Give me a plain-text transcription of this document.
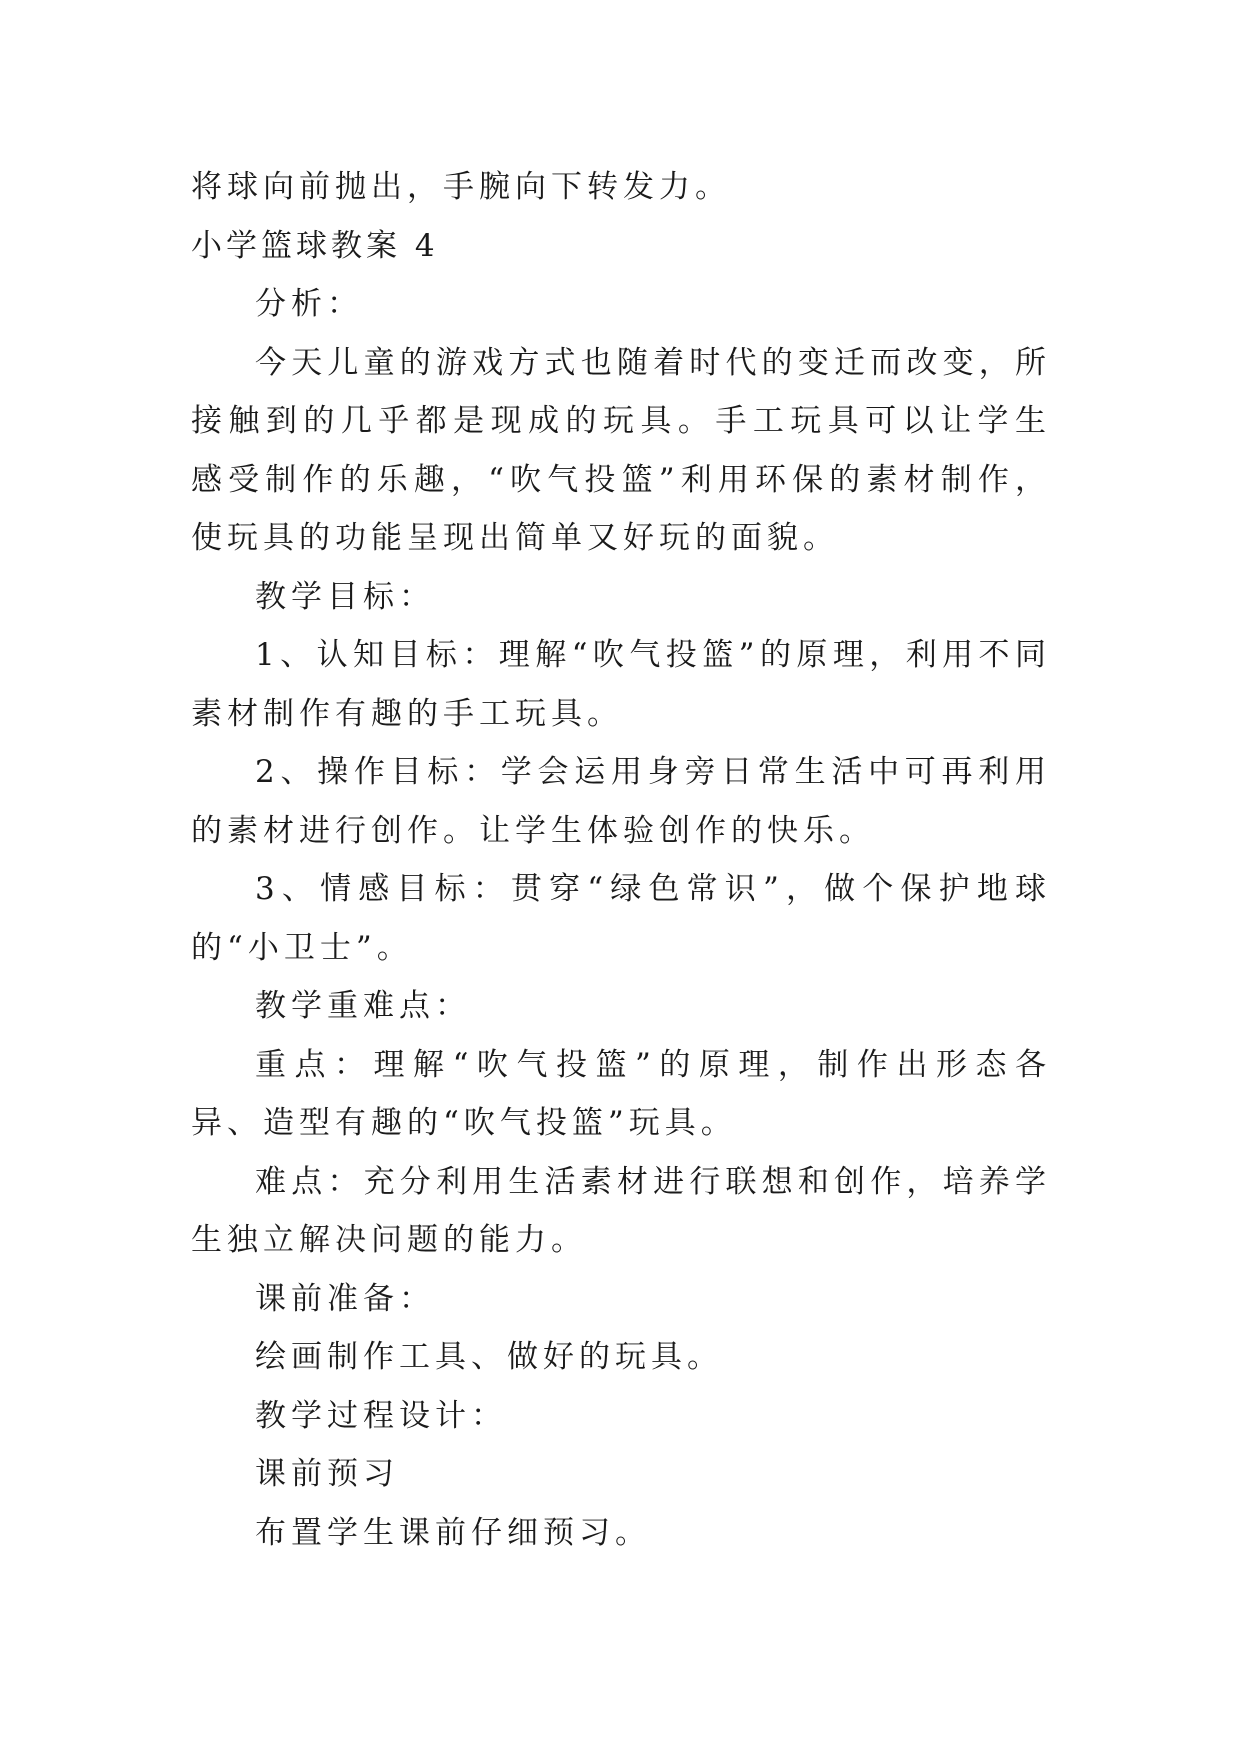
将球向前抛出，手腕向下转发力。

小学篮球教案 4

分析：

今天儿童的游戏方式也随着时代的变迁而改变，所接触到的几乎都是现成的玩具。手工玩具可以让学生感受制作的乐趣，“吹气投篮”利用环保的素材制作，使玩具的功能呈现出简单又好玩的面貌。

教学目标：

1、认知目标：理解“吹气投篮”的原理，利用不同素材制作有趣的手工玩具。

2、操作目标：学会运用身旁日常生活中可再利用的素材进行创作。让学生体验创作的快乐。

3、情感目标：贯穿“绿色常识”，做个保护地球的“小卫士”。

教学重难点：

重点：理解“吹气投篮”的原理，制作出形态各异、造型有趣的“吹气投篮”玩具。

难点：充分利用生活素材进行联想和创作，培养学生独立解决问题的能力。

课前准备：

绘画制作工具、做好的玩具。

教学过程设计：

课前预习

布置学生课前仔细预习。
